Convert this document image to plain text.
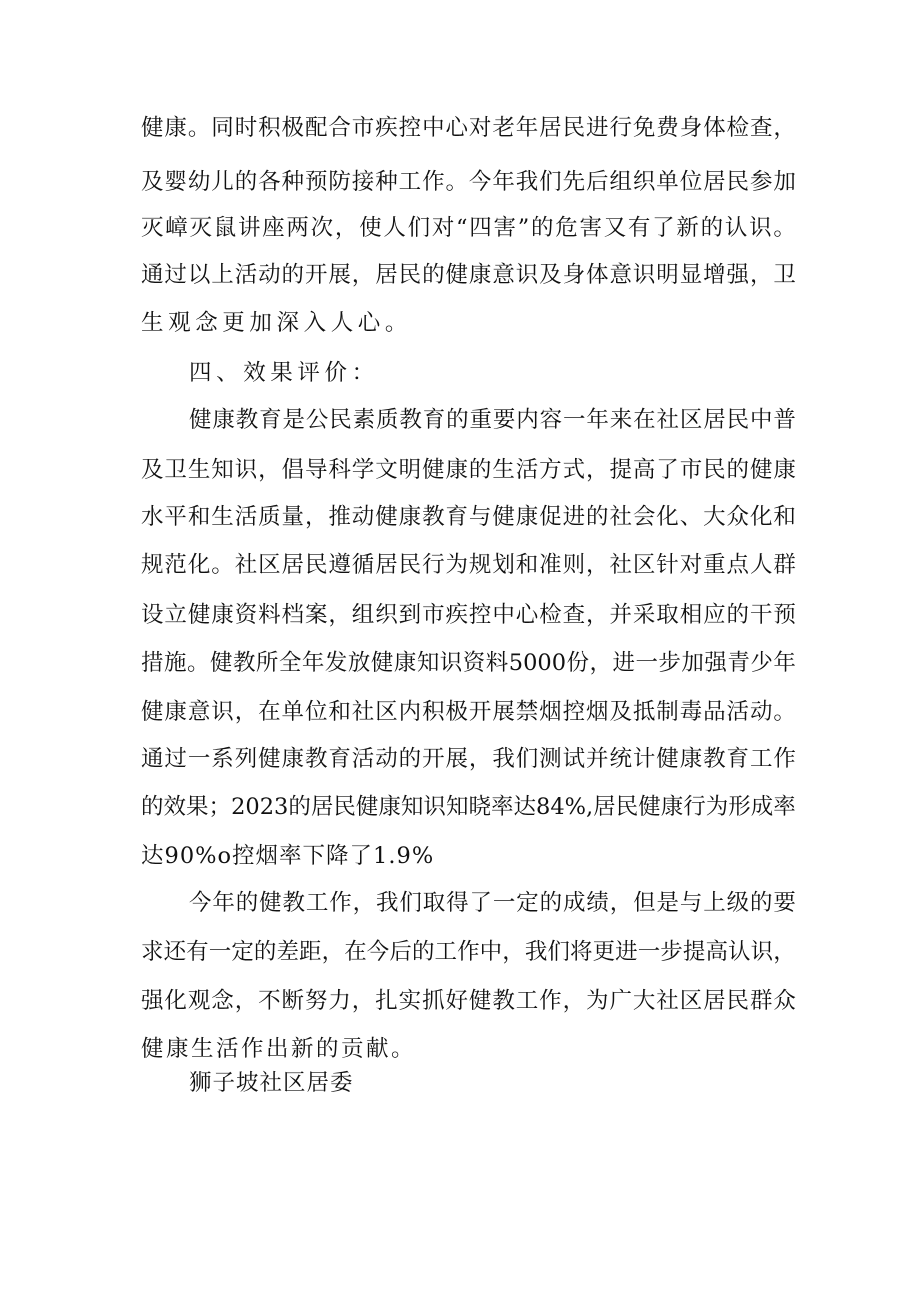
健 康 。 同 时 积 极 配 合 市 疾 控 中 心 对 老 年 居 民 进 行 免 费 身 体 检 查 ，
及 婴 幼 儿 的 各 种 预 防 接 种 工 作 。 今 年 我 们 先 后 组 织 单 位 居 民 参 加
灭 嶂 灭 鼠 讲 座 两 次 ， 使 人 们 对 “ 四 害 ” 的 危 害 又 有 了 新 的 认 识 。
通 过 以 上 活 动 的 开 展 ， 居 民 的 健 康 意 识 及 身 体 意 识 明 显 增 强 ， 卫
生观念更加深入人心。
四、效果评价：
健 康 教 育 是 公 民 素 质 教 育 的 重 要 内 容 一 年 来 在 社 区 居 民 中 普
及 卫 生 知 识 ， 倡 导 科 学 文 明 健 康 的 生 活 方 式 ， 提 高 了 市 民 的 健 康
水 平 和 生 活 质 量 ， 推 动 健 康 教 育 与 健 康 促 进 的 社 会 化 、 大 众 化 和
规 范 化 。 社 区 居 民 遵 循 居 民 行 为 规 划 和 准 则 ， 社 区 针 对 重 点 人 群
设 立 健 康 资 料 档 案 ， 组 织 到 市 疾 控 中 心 检 查 ， 并 采 取 相 应 的 干 预
措 施 。 健 教 所 全 年 发 放 健 康 知 识 资 料 5000 份 ， 进 一 步 加 强 青 少 年
健 康 意 识 ， 在 单 位 和 社 区 内 积 极 开 展 禁 烟 控 烟 及 抵 制 毒 品 活 动 。
通 过 一 系 列 健 康 教 育 活 动 的 开 展 ， 我 们 测 试 并 统 计 健 康 教 育 工 作
的 效 果 ； 2023 的 居 民 健 康 知 识 知 晓 率 达 84%, 居 民 健 康 行 为 形 成 率
达90%o控烟率下降了1.9%
今 年 的 健 教 工 作 ， 我 们 取 得 了 一 定 的 成 绩 ， 但 是 与 上 级 的 要
求 还 有 一 定 的 差 距 ， 在 今 后 的 工 作 中 ， 我 们 将 更 进 一 步 提 高 认 识 ，
强 化 观 念 ， 不 断 努 力 ， 扎 实 抓 好 健 教 工 作 ， 为 广 大 社 区 居 民 群 众
健康生活作出新的贡献。
狮子坡社区居委
